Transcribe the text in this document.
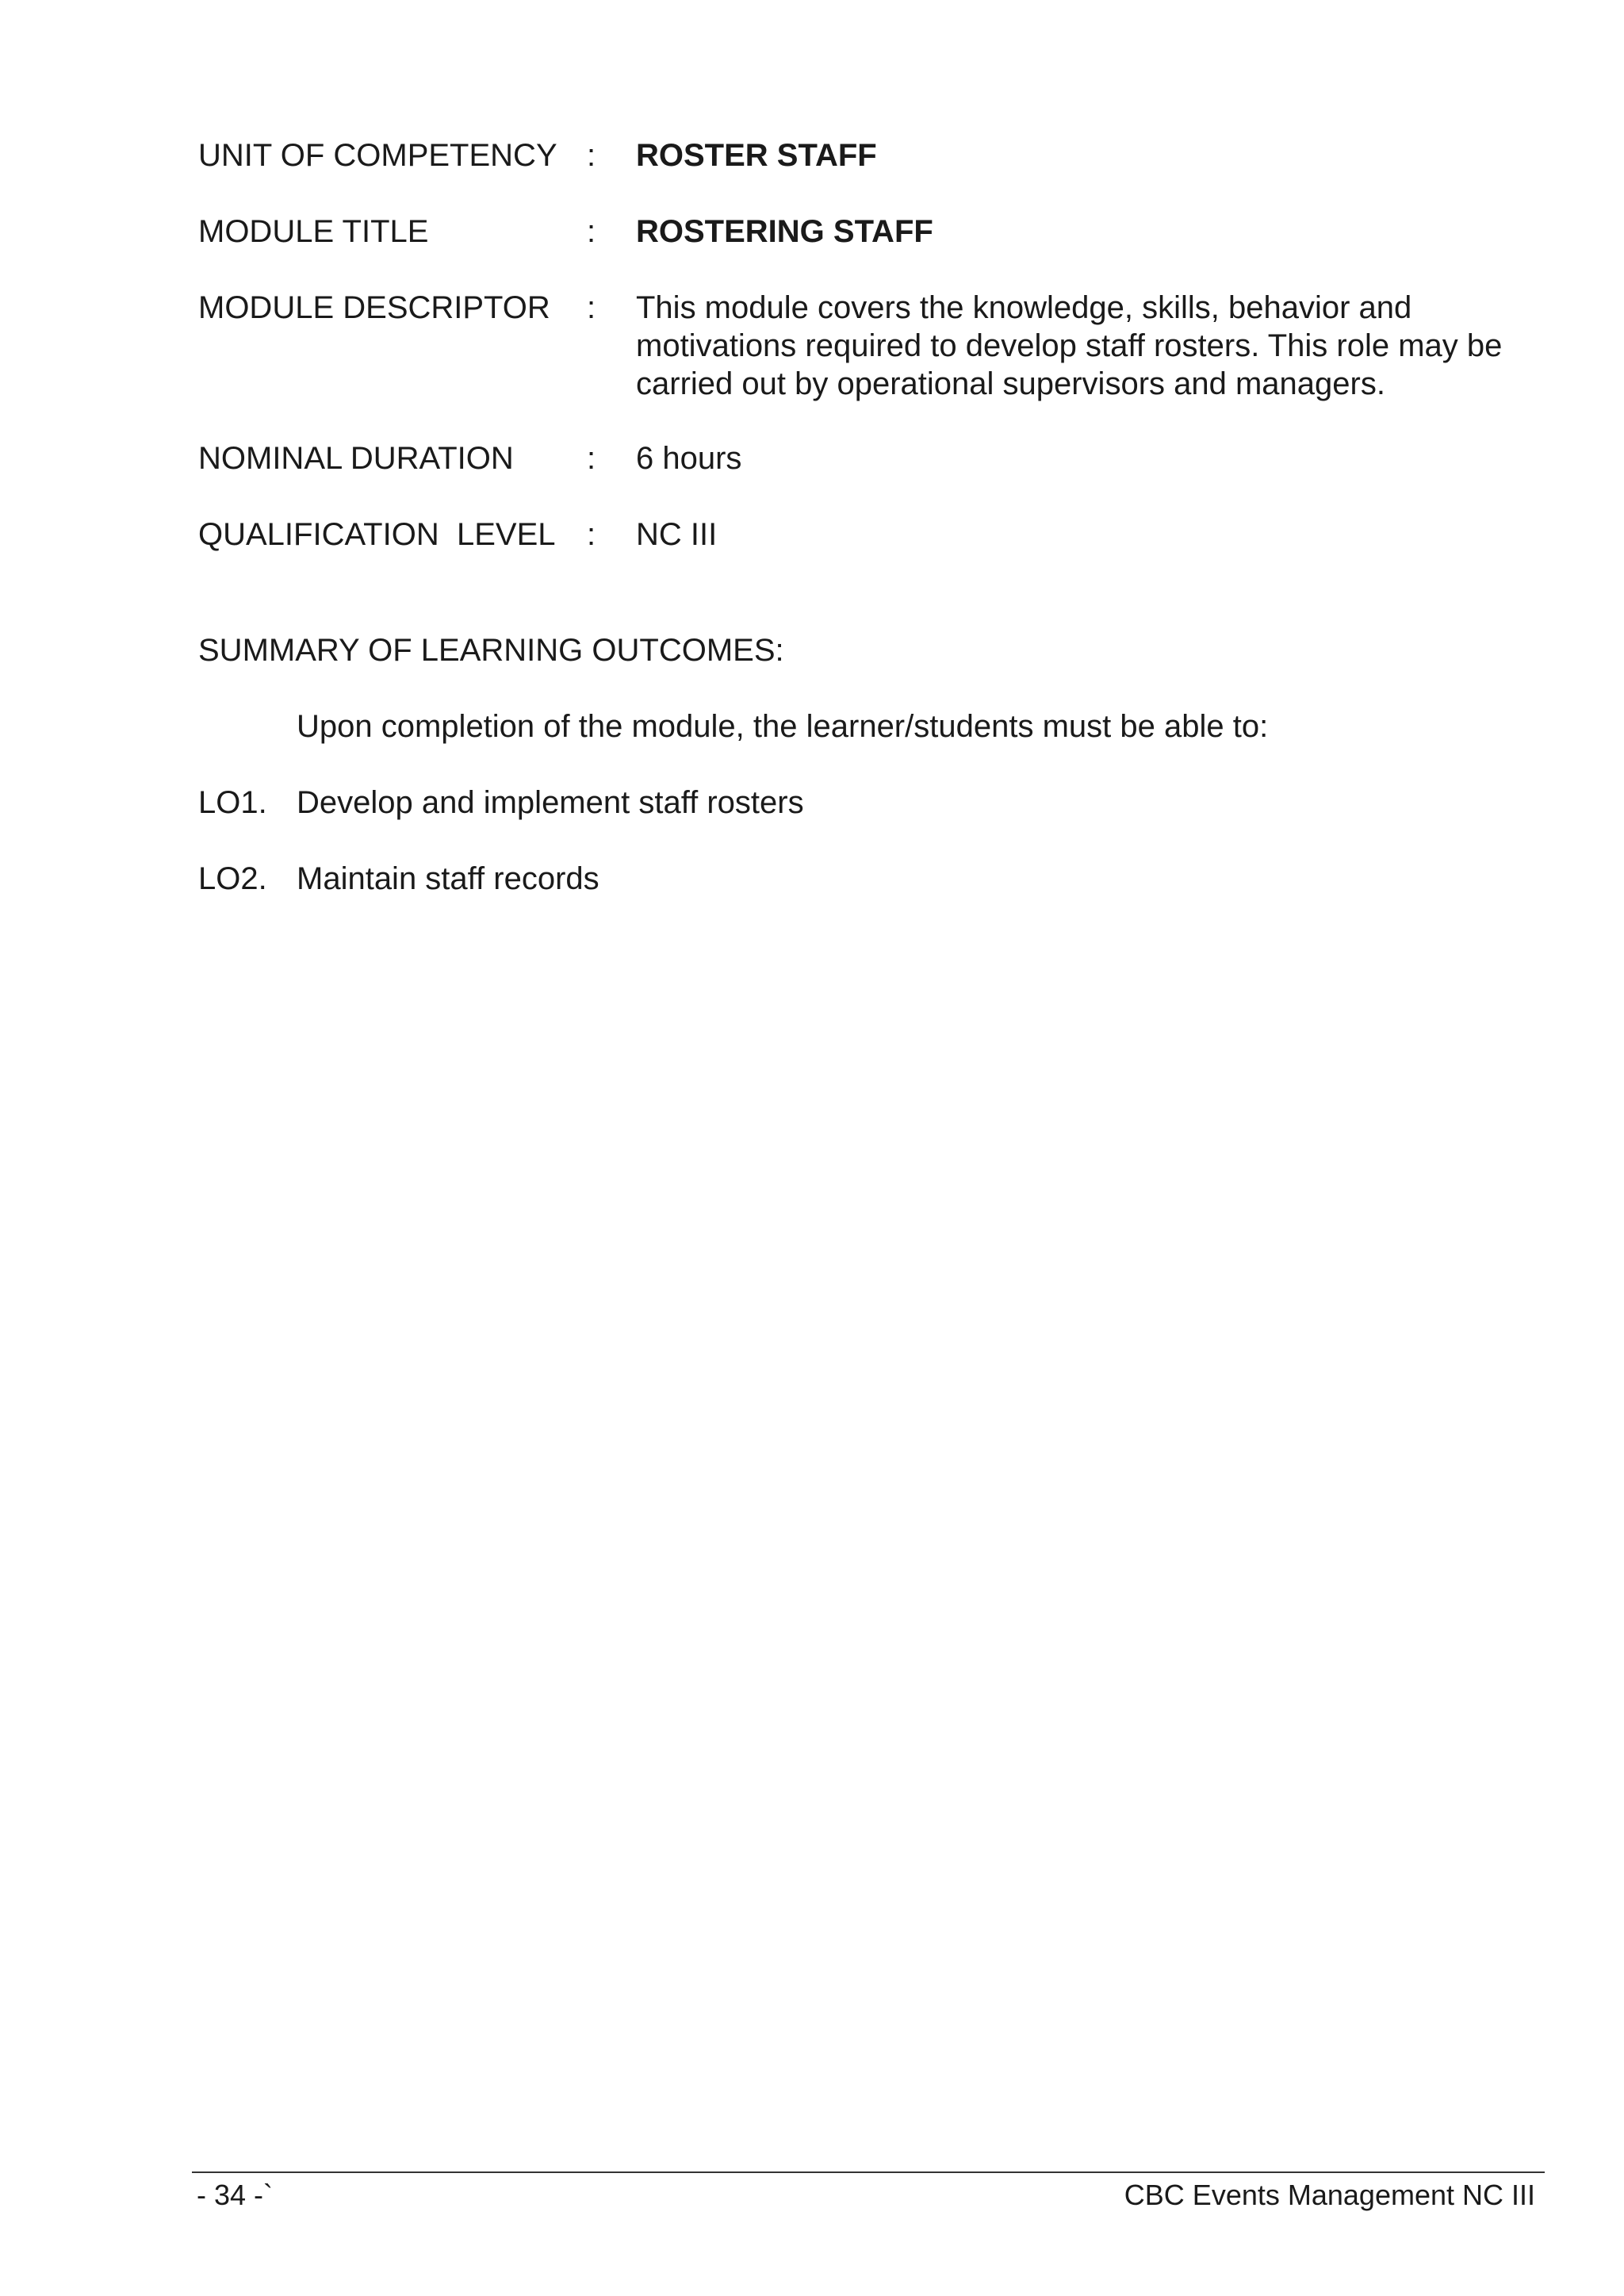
UNIT OF COMPETENCY :	ROSTER STAFF
MODULE TITLE	:	ROSTERING STAFF
MODULE DESCRIPTOR	:	This module covers the knowledge, skills, behavior and motivations required to develop staff rosters. This role may be carried out by operational supervisors and managers.
NOMINAL DURATION	:	6 hours
QUALIFICATION  LEVEL :	NC III
SUMMARY OF LEARNING OUTCOMES:
Upon completion of the module, the learner/students must be able to:
LO1. Develop and implement staff rosters
LO2. Maintain staff records
- 34 -`	CBC Events Management NC III
